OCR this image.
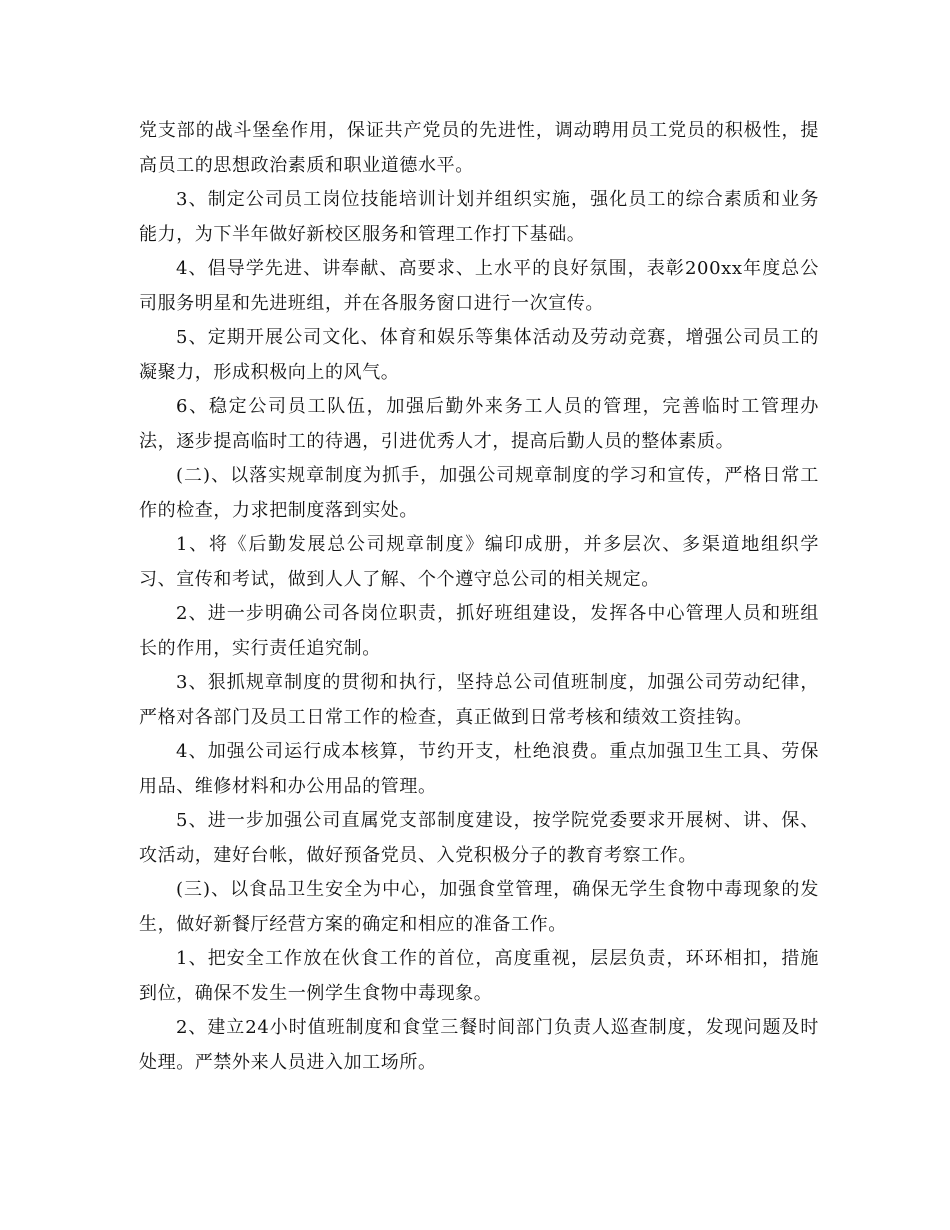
党支部的战斗堡垒作用，保证共产党员的先进性，调动聘用员工党员的积极性，提高员工的思想政治素质和职业道德水平。

3、制定公司员工岗位技能培训计划并组织实施，强化员工的综合素质和业务能力，为下半年做好新校区服务和管理工作打下基础。

4、倡导学先进、讲奉献、高要求、上水平的良好氛围，表彰200xx年度总公司服务明星和先进班组，并在各服务窗口进行一次宣传。

5、定期开展公司文化、体育和娱乐等集体活动及劳动竞赛，增强公司员工的凝聚力，形成积极向上的风气。

6、稳定公司员工队伍，加强后勤外来务工人员的管理，完善临时工管理办法，逐步提高临时工的待遇，引进优秀人才，提高后勤人员的整体素质。

(二)、以落实规章制度为抓手，加强公司规章制度的学习和宣传，严格日常工作的检查，力求把制度落到实处。

1、将《后勤发展总公司规章制度》编印成册，并多层次、多渠道地组织学习、宣传和考试，做到人人了解、个个遵守总公司的相关规定。

2、进一步明确公司各岗位职责，抓好班组建设，发挥各中心管理人员和班组长的作用，实行责任追究制。

3、狠抓规章制度的贯彻和执行，坚持总公司值班制度，加强公司劳动纪律，严格对各部门及员工日常工作的检查，真正做到日常考核和绩效工资挂钩。

4、加强公司运行成本核算，节约开支，杜绝浪费。重点加强卫生工具、劳保用品、维修材料和办公用品的管理。

5、进一步加强公司直属党支部制度建设，按学院党委要求开展树、讲、保、攻活动，建好台帐，做好预备党员、入党积极分子的教育考察工作。

(三)、以食品卫生安全为中心，加强食堂管理，确保无学生食物中毒现象的发生，做好新餐厅经营方案的确定和相应的准备工作。

1、把安全工作放在伙食工作的首位，高度重视，层层负责，环环相扣，措施到位，确保不发生一例学生食物中毒现象。

2、建立24小时值班制度和食堂三餐时间部门负责人巡查制度，发现问题及时处理。严禁外来人员进入加工场所。
